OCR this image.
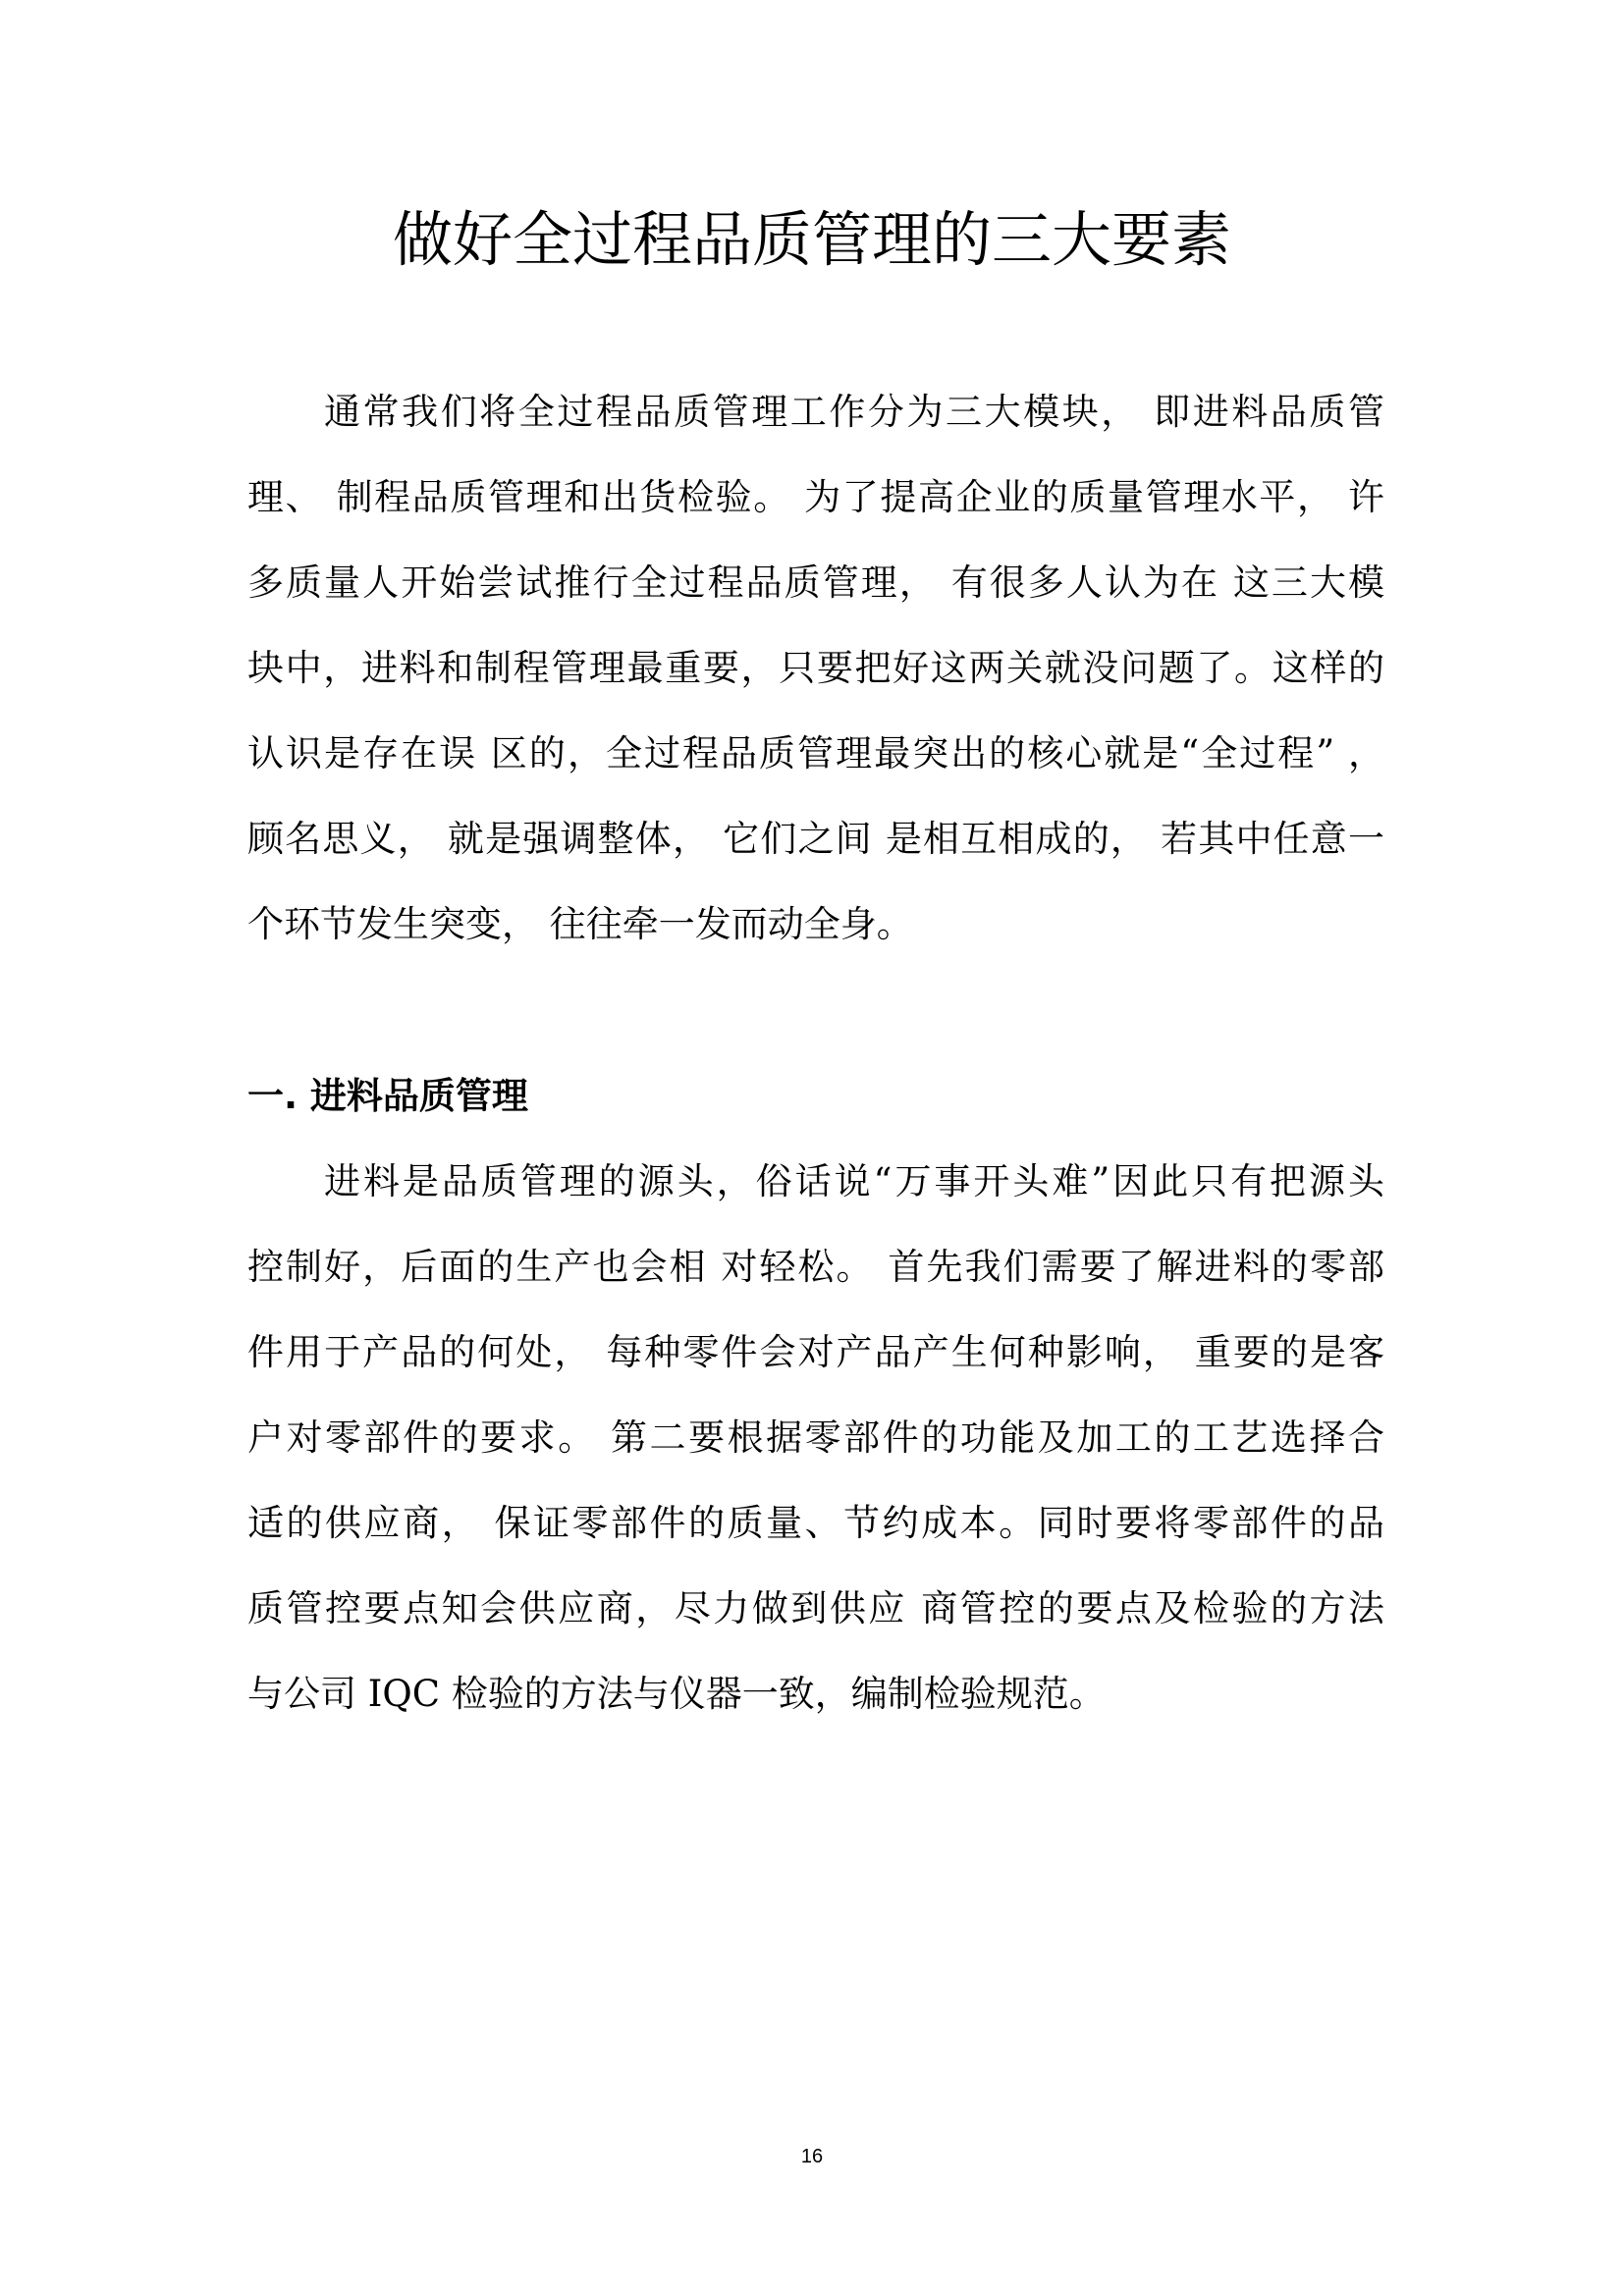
做好全过程品质管理的三大要素
通常我们将全过程品质管理工作分为三大模块， 即进料品质管
理、 制程品质管理和出货检验。 为了提高企业的质量管理水平， 许
多质量人开始尝试推行全过程品质管理， 有很多人认为在 这三大模
块中，进料和制程管理最重要，只要把好这两关就没问题了。这样的
认识是存在误 区的，全过程品质管理最突出的核心就是“全过程” ，
顾名思义， 就是强调整体， 它们之间 是相互相成的， 若其中任意一
个环节发生突变， 往往牵一发而动全身。
一. 进料品质管理
进料是品质管理的源头，俗话说“万事开头难”因此只有把源头
控制好，后面的生产也会相 对轻松。 首先我们需要了解进料的零部
件用于产品的何处， 每种零件会对产品产生何种影响， 重要的是客
户对零部件的要求。 第二要根据零部件的功能及加工的工艺选择合
适的供应商， 保证零部件的质量、节约成本。同时要将零部件的品
质管控要点知会供应商，尽力做到供应 商管控的要点及检验的方法
与公司 IQC 检验的方法与仪器一致，编制检验规范。
16
